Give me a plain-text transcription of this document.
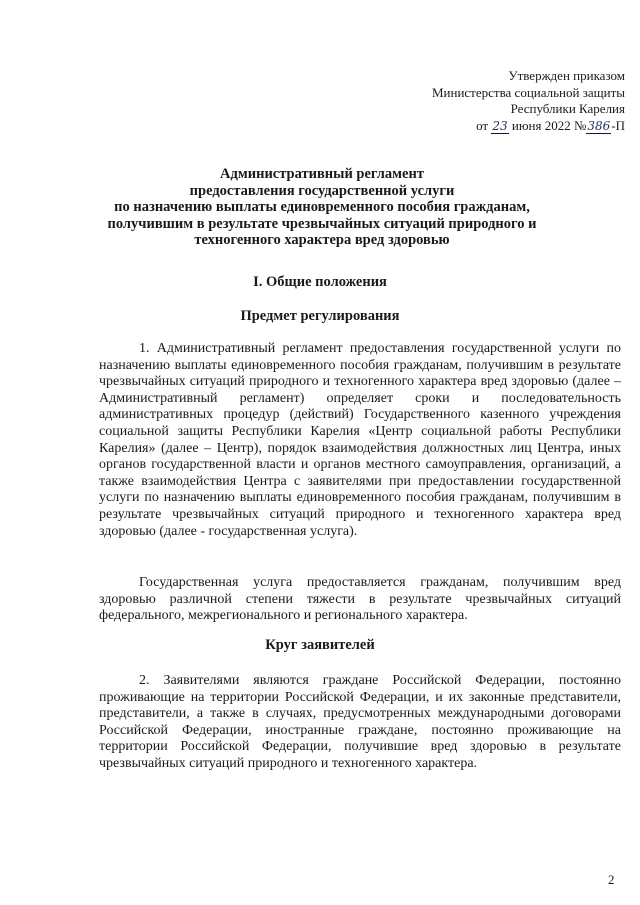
Утвержден приказом
Министерства социальной защиты
Республики Карелия
от 23 июня 2022 №386-П
Административный регламент
предоставления государственной услуги
по назначению выплаты единовременного пособия гражданам,
получившим в результате чрезвычайных ситуаций природного и
техногенного характера вред здоровью
I. Общие положения
Предмет регулирования
1. Административный регламент предоставления государственной услуги по назначению выплаты единовременного пособия гражданам, получившим в результате чрезвычайных ситуаций природного и техногенного характера вред здоровью (далее – Административный регламент) определяет сроки и последовательность административных процедур (действий) Государственного казенного учреждения социальной защиты Республики Карелия «Центр социальной работы Республики Карелия» (далее – Центр), порядок взаимодействия должностных лиц Центра, иных органов государственной власти и органов местного самоуправления, организаций, а также взаимодействия Центра с заявителями при предоставлении государственной услуги по назначению выплаты единовременного пособия гражданам, получившим в результате чрезвычайных ситуаций природного и техногенного характера вред здоровью (далее - государственная услуга).
Государственная услуга предоставляется гражданам, получившим вред здоровью различной степени тяжести в результате чрезвычайных ситуаций федерального, межрегионального и регионального характера.
Круг заявителей
2. Заявителями являются граждане Российской Федерации, постоянно проживающие на территории Российской Федерации, и их законные представители, представители, а также в случаях, предусмотренных международными договорами Российской Федерации, иностранные граждане, постоянно проживающие на территории Российской Федерации, получившие вред здоровью в результате чрезвычайных ситуаций природного и техногенного характера.
2
